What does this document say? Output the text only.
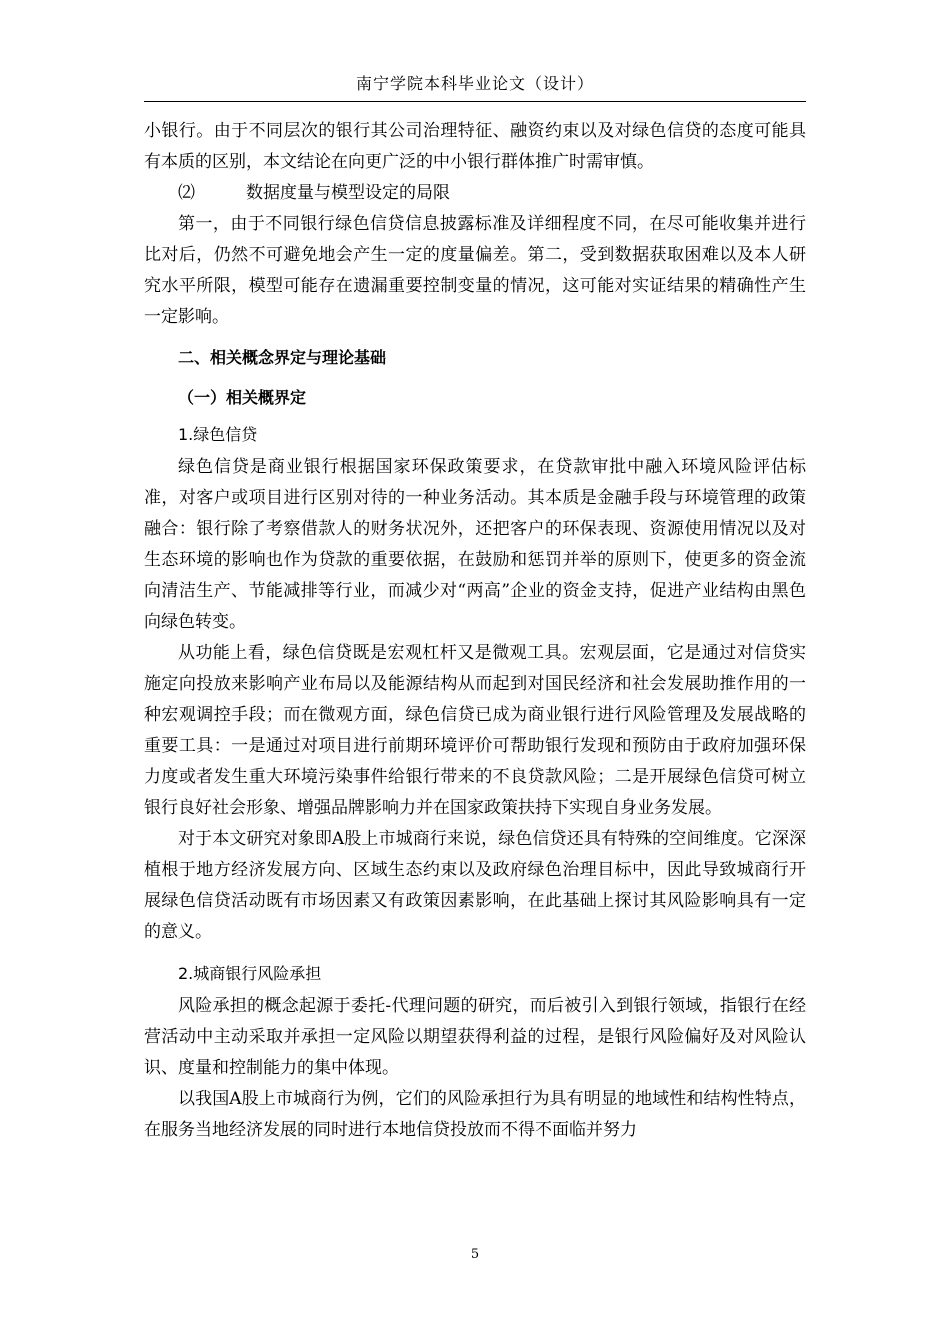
南宁学院本科毕业论文（设计）

小银行。由于不同层次的银行其公司治理特征、融资约束以及对绿色信贷的态度可能具有本质的区别，本文结论在向更广泛的中小银行群体推广时需审慎。

⑵	数据度量与模型设定的局限

第一，由于不同银行绿色信贷信息披露标准及详细程度不同，在尽可能收集并进行比对后，仍然不可避免地会产生一定的度量偏差。第二，受到数据获取困难以及本人研究水平所限，模型可能存在遗漏重要控制变量的情况，这可能对实证结果的精确性产生一定影响。

二、相关概念界定与理论基础
（一）相关概界定
1.绿色信贷

绿色信贷是商业银行根据国家环保政策要求，在贷款审批中融入环境风险评估标准，对客户或项目进行区别对待的一种业务活动。其本质是金融手段与环境管理的政策融合：银行除了考察借款人的财务状况外，还把客户的环保表现、资源使用情况以及对生态环境的影响也作为贷款的重要依据，在鼓励和惩罚并举的原则下，使更多的资金流向清洁生产、节能减排等行业，而减少对“两高”企业的资金支持，促进产业结构由黑色向绿色转变。

从功能上看，绿色信贷既是宏观杠杆又是微观工具。宏观层面，它是通过对信贷实施定向投放来影响产业布局以及能源结构从而起到对国民经济和社会发展助推作用的一种宏观调控手段；而在微观方面，绿色信贷已成为商业银行进行风险管理及发展战略的重要工具：一是通过对项目进行前期环境评价可帮助银行发现和预防由于政府加强环保力度或者发生重大环境污染事件给银行带来的不良贷款风险；二是开展绿色信贷可树立银行良好社会形象、增强品牌影响力并在国家政策扶持下实现自身业务发展。

对于本文研究对象即A股上市城商行来说，绿色信贷还具有特殊的空间维度。它深深植根于地方经济发展方向、区域生态约束以及政府绿色治理目标中，因此导致城商行开展绿色信贷活动既有市场因素又有政策因素影响，在此基础上探讨其风险影响具有一定的意义。

2.城商银行风险承担

风险承担的概念起源于委托-代理问题的研究，而后被引入到银行领域，指银行在经营活动中主动采取并承担一定风险以期望获得利益的过程，是银行风险偏好及对风险认识、度量和控制能力的集中体现。

以我国A股上市城商行为例，它们的风险承担行为具有明显的地域性和结构性特点，在服务当地经济发展的同时进行本地信贷投放而不得不面临并努力

5
